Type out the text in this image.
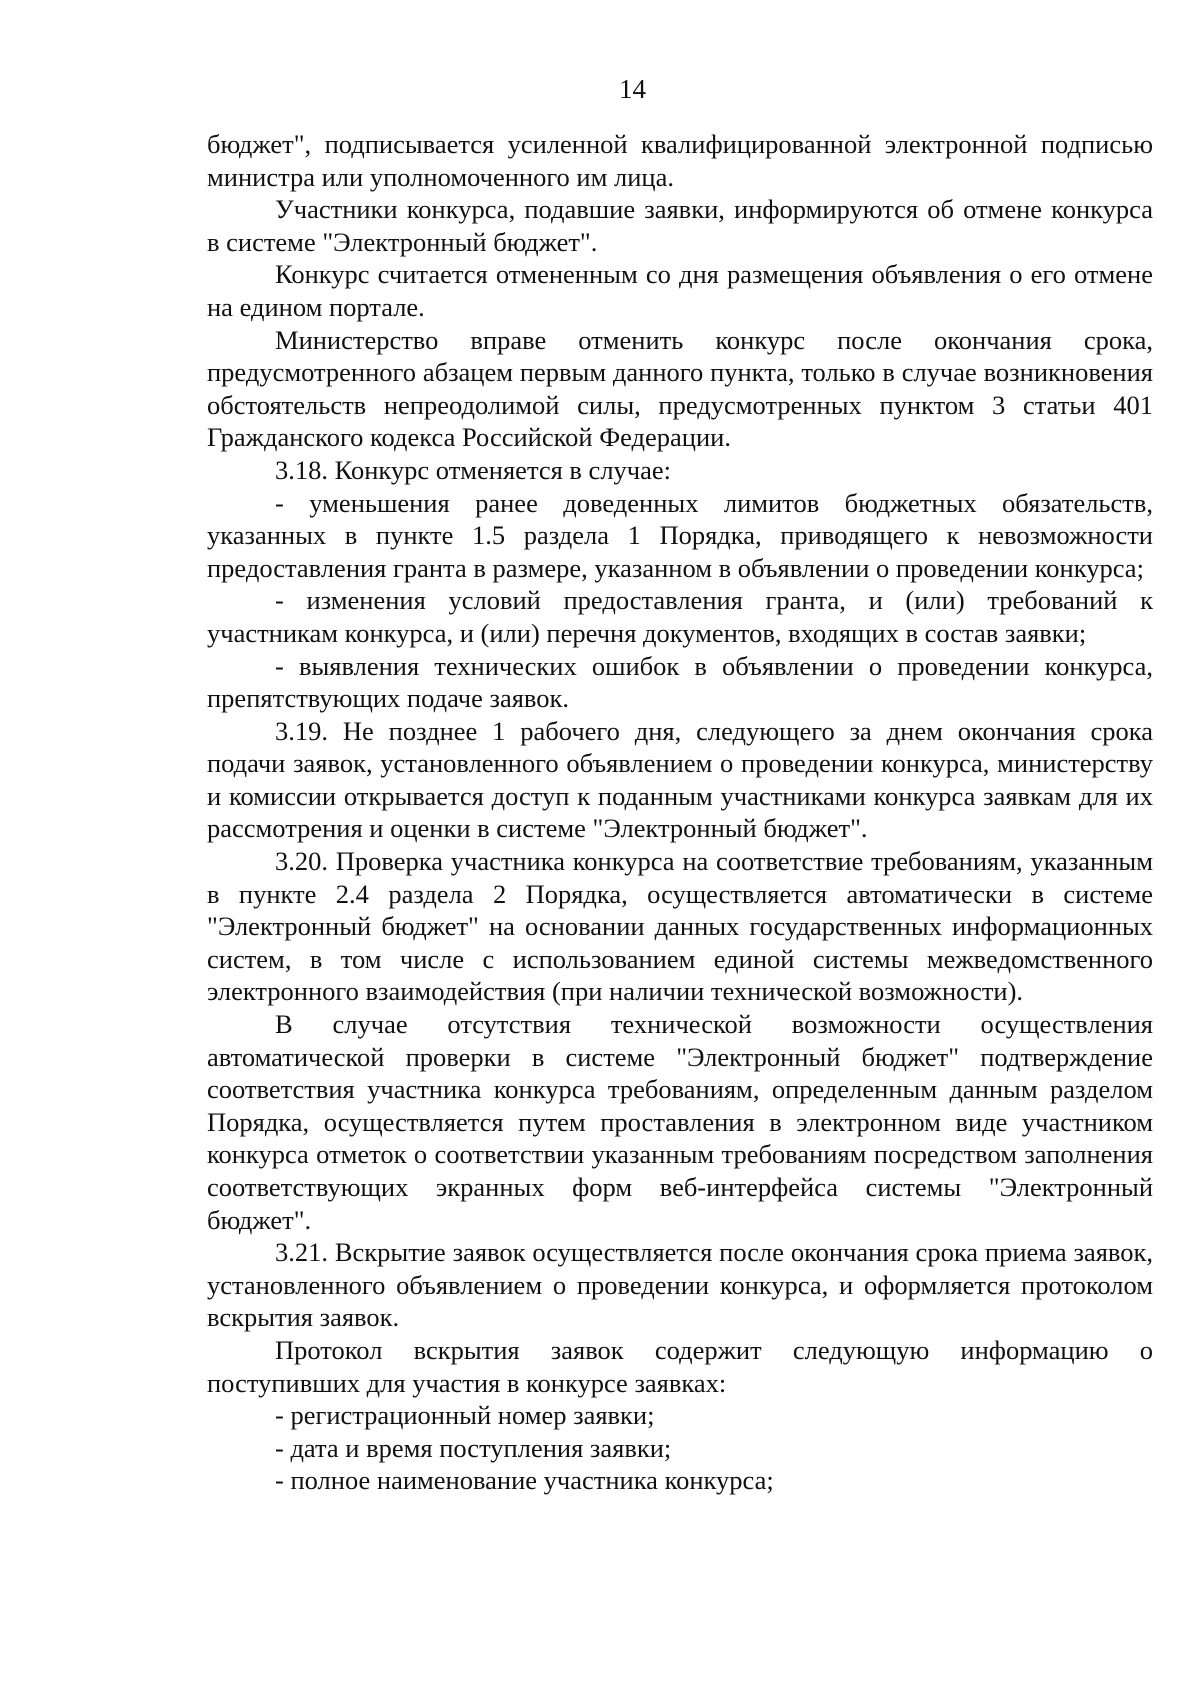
14

бюджет", подписывается усиленной квалифицированной электронной подписью министра или уполномоченного им лица.

Участники конкурса, подавшие заявки, информируются об отмене конкурса в системе "Электронный бюджет".

Конкурс считается отмененным со дня размещения объявления о его отмене на едином портале.

Министерство вправе отменить конкурс после окончания срока, предусмотренного абзацем первым данного пункта, только в случае возникновения обстоятельств непреодолимой силы, предусмотренных пунктом 3 статьи 401 Гражданского кодекса Российской Федерации.

3.18. Конкурс отменяется в случае:

- уменьшения ранее доведенных лимитов бюджетных обязательств, указанных в пункте 1.5 раздела 1 Порядка, приводящего к невозможности предоставления гранта в размере, указанном в объявлении о проведении конкурса;

- изменения условий предоставления гранта, и (или) требований к участникам конкурса, и (или) перечня документов, входящих в состав заявки;

- выявления технических ошибок в объявлении о проведении конкурса, препятствующих подаче заявок.

3.19. Не позднее 1 рабочего дня, следующего за днем окончания срока подачи заявок, установленного объявлением о проведении конкурса, министерству и комиссии открывается доступ к поданным участниками конкурса заявкам для их рассмотрения и оценки в системе "Электронный бюджет".

3.20. Проверка участника конкурса на соответствие требованиям, указанным в пункте 2.4 раздела 2 Порядка, осуществляется автоматически в системе "Электронный бюджет" на основании данных государственных информационных систем, в том числе с использованием единой системы межведомственного электронного взаимодействия (при наличии технической возможности).

В случае отсутствия технической возможности осуществления автоматической проверки в системе "Электронный бюджет" подтверждение соответствия участника конкурса требованиям, определенным данным разделом Порядка, осуществляется путем проставления в электронном виде участником конкурса отметок о соответствии указанным требованиям посредством заполнения соответствующих экранных форм веб-интерфейса системы "Электронный бюджет".

3.21. Вскрытие заявок осуществляется после окончания срока приема заявок, установленного объявлением о проведении конкурса, и оформляется протоколом вскрытия заявок.

Протокол вскрытия заявок содержит следующую информацию о поступивших для участия в конкурсе заявках:

- регистрационный номер заявки;

- дата и время поступления заявки;

- полное наименование участника конкурса;
